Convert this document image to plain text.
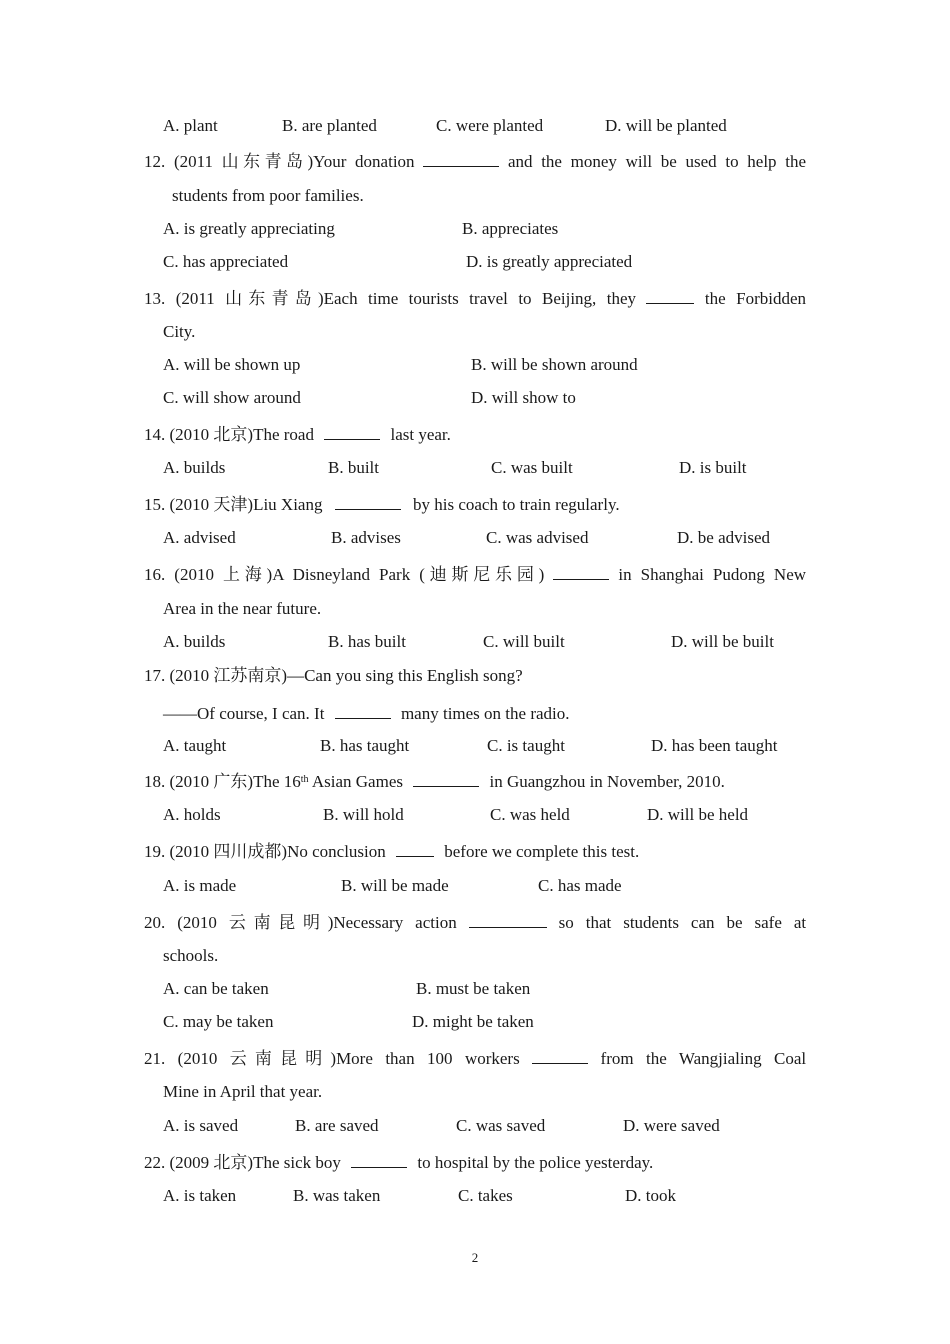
A. plant	B. are planted	C. were planted	D. will be planted
12. (2011 山东青岛)Your donation	and the money will be used to help the
students from poor families.
A. is greatly appreciating	B. appreciates
C. has appreciated	D. is greatly appreciated
13. (2011 山东青岛)Each time tourists travel to Beijing, they	the Forbidden
City.
A. will be shown up	B. will be shown around
C. will show around	D. will show to
14. (2010 北京)The road	last year.
A. builds	B. built	C. was built	D. is built
15. (2010 天津)Liu Xiang	by his coach to train regularly.
A. advised	B. advises	C. was advised	D. be advised
16. (2010 上海)A Disneyland Park (迪斯尼乐园)	in Shanghai Pudong New
Area in the near future.
A. builds	B. has built	C. will built	D. will be built
17. (2010 江苏南京)—Can you sing this English song?
——Of course, I can. It	many times on the radio.
A. taught	B. has taught	C. is taught	D. has been taught
18. (2010 广东)The 16th Asian Games	in Guangzhou in November, 2010.
A. holds	B. will hold	C. was held	D. will be held
19. (2010 四川成都)No conclusion	before we complete this test.
A. is made	B. will be made	C. has made
20. (2010 云南昆明)Necessary action	so that students can be safe at
schools.
A. can be taken	B. must be taken
C. may be taken	D. might be taken
21. (2010 云南昆明)More than 100 workers	from the Wangjialing Coal
Mine in April that year.
A. is saved	B. are saved	C. was saved	D. were saved
22. (2009 北京)The sick boy	to hospital by the police yesterday.
A. is taken	B. was taken	C. takes	D. took
2
